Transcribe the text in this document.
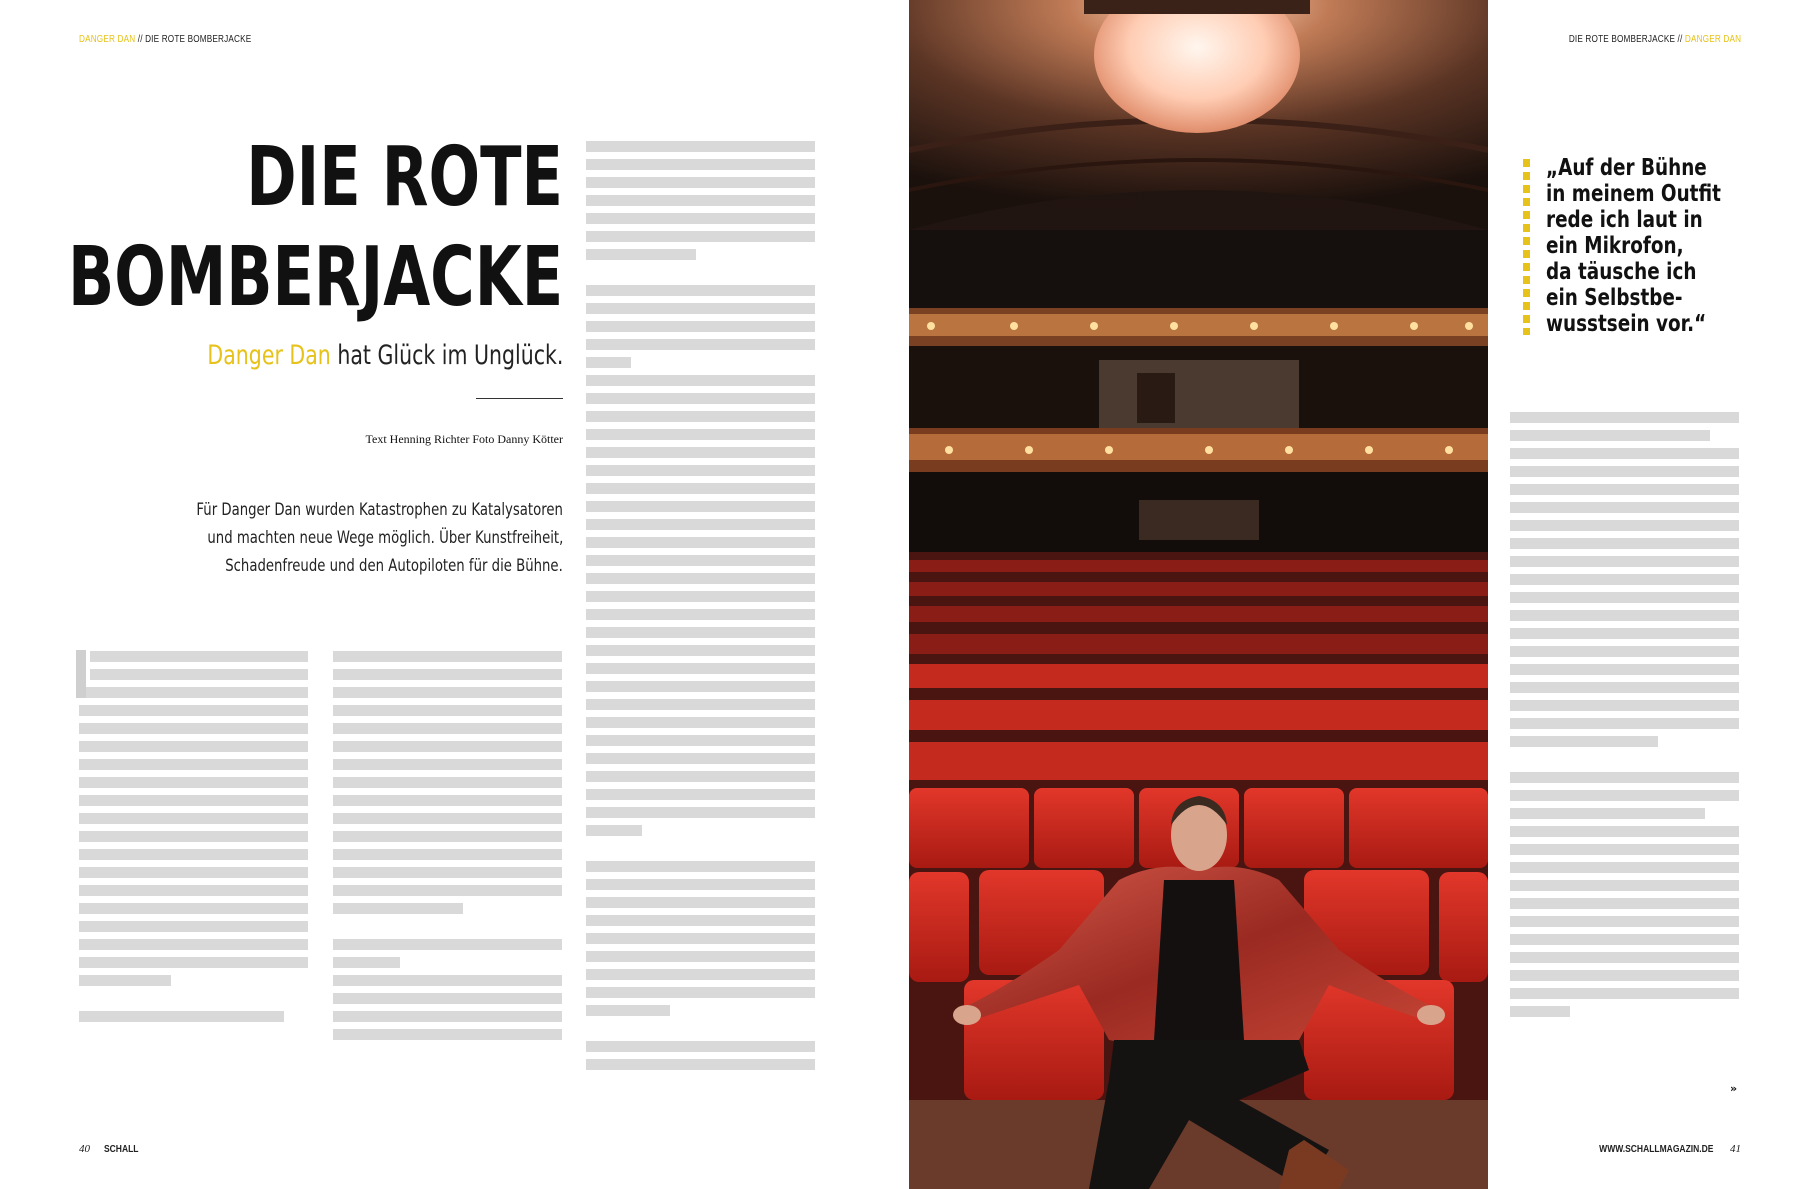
DANGER DAN // DIE ROTE BOMBERJACKE
DIE ROTE
BOMBERJACKE
Danger Dan hat Glück im Unglück.
Text Henning Richter Foto Danny Kötter
Für Danger Dan wurden Katastrophen zu Katalysatoren
und machten neue Wege möglich. Über Kunstfreiheit,
Schadenfreude und den Autopiloten für die Bühne.
40 SCHALL
DIE ROTE BOMBERJACKE // DANGER DAN
„Auf der Bühne
in meinem Outfit
rede ich laut in
ein Mikrofon,
da täusche ich
ein Selbstbe-
wusstsein vor.“
»
WWW.SCHALLMAGAZIN.DE 41
